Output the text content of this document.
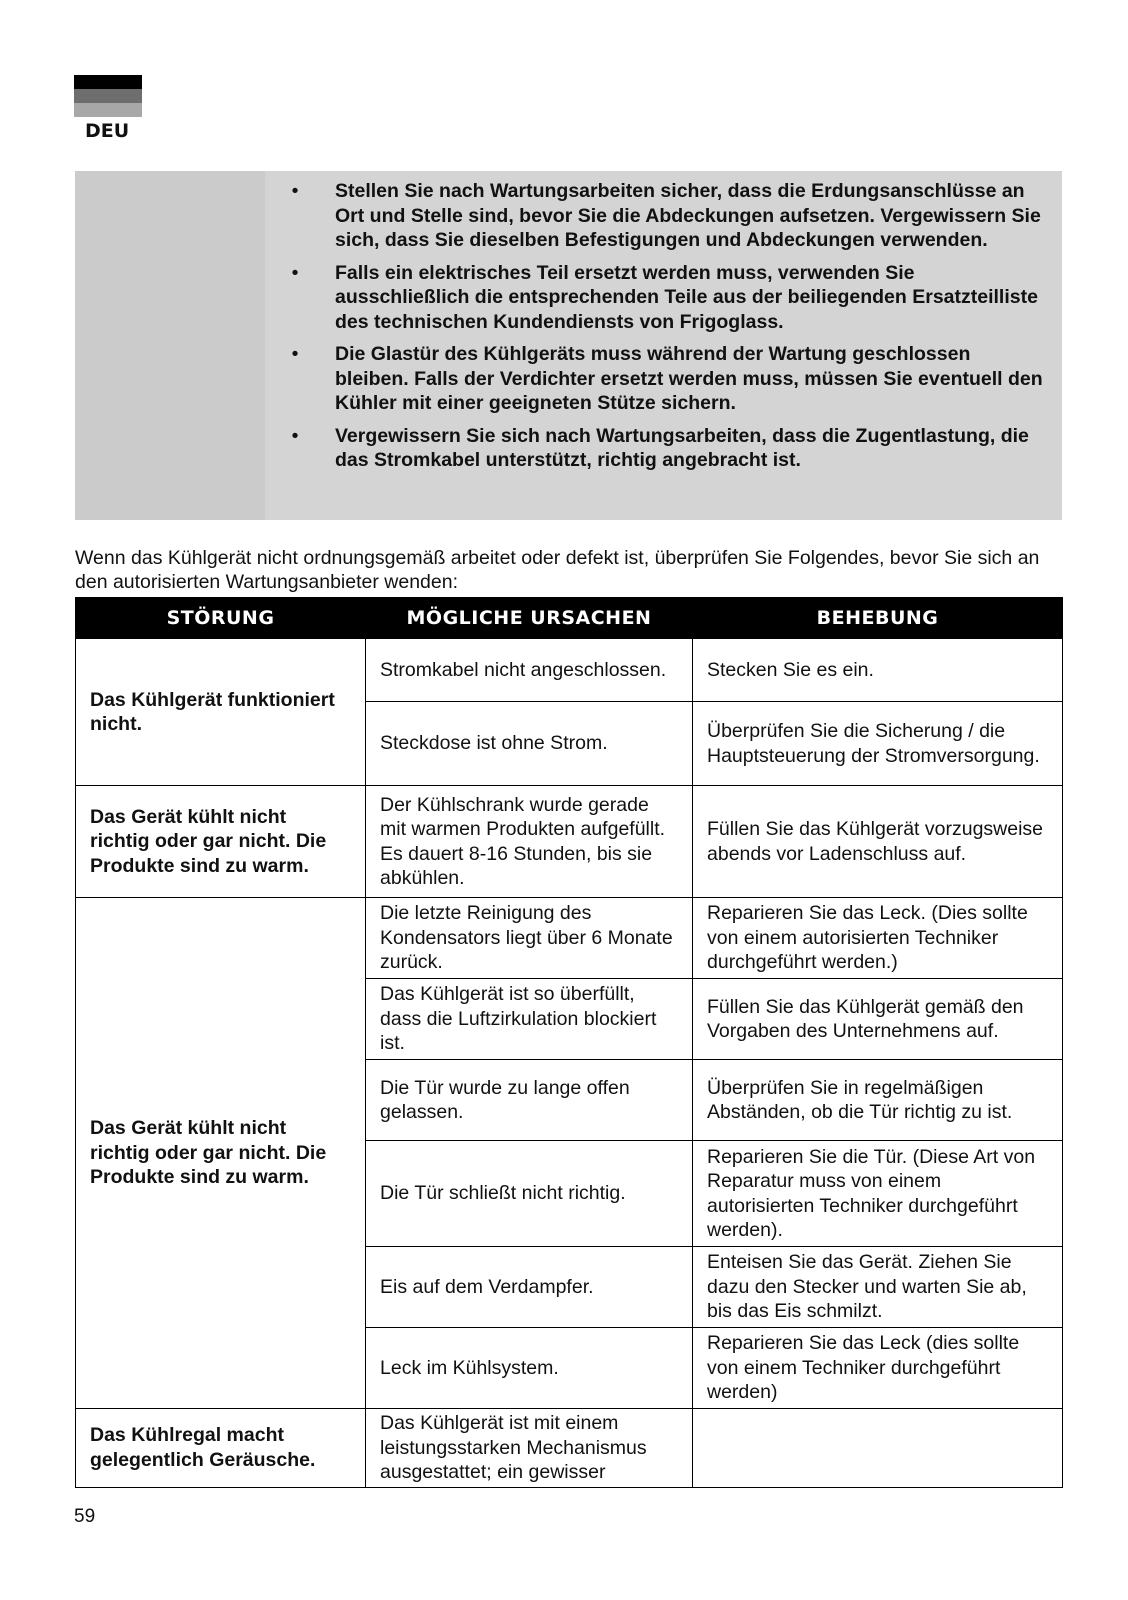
DEU
•	Stellen Sie nach Wartungsarbeiten sicher, dass die Erdungsanschlüsse an Ort und Stelle sind, bevor Sie die Abdeckungen aufsetzen. Vergewissern Sie sich, dass Sie dieselben Befestigungen und Abdeckungen verwenden.
•	Falls ein elektrisches Teil ersetzt werden muss, verwenden Sie ausschließlich die entsprechenden Teile aus der beiliegenden Ersatzteilliste des technischen Kundendiensts von Frigoglass.
•	Die Glastür des Kühlgeräts muss während der Wartung geschlossen bleiben. Falls der Verdichter ersetzt werden muss, müssen Sie eventuell den Kühler mit einer geeigneten Stütze sichern.
•	Vergewissern Sie sich nach Wartungsarbeiten, dass die Zugentlastung, die das Stromkabel unterstützt, richtig angebracht ist.
Wenn das Kühlgerät nicht ordnungsgemäß arbeitet oder defekt ist, überprüfen Sie Folgendes, bevor Sie sich an den autorisierten Wartungsanbieter wenden:
STÖRUNG	MÖGLICHE URSACHEN	BEHEBUNG
Das Kühlgerät funktioniert nicht.	Stromkabel nicht angeschlossen.	Stecken Sie es ein.
	Steckdose ist ohne Strom.	Überprüfen Sie die Sicherung / die Hauptsteuerung der Stromversorgung.
Das Gerät kühlt nicht richtig oder gar nicht. Die Produkte sind zu warm.	Der Kühlschrank wurde gerade mit warmen Produkten aufgefüllt. Es dauert 8-16 Stunden, bis sie abkühlen.	Füllen Sie das Kühlgerät vorzugsweise abends vor Ladenschluss auf.
Das Gerät kühlt nicht richtig oder gar nicht. Die Produkte sind zu warm.	Die letzte Reinigung des Kondensators liegt über 6 Monate zurück.	Reparieren Sie das Leck. (Dies sollte von einem autorisierten Techniker durchgeführt werden.)
	Das Kühlgerät ist so überfüllt, dass die Luftzirkulation blockiert ist.	Füllen Sie das Kühlgerät gemäß den Vorgaben des Unternehmens auf.
	Die Tür wurde zu lange offen gelassen.	Überprüfen Sie in regelmäßigen Abständen, ob die Tür richtig zu ist.
	Die Tür schließt nicht richtig.	Reparieren Sie die Tür. (Diese Art von Reparatur muss von einem autorisierten Techniker durchgeführt werden).
	Eis auf dem Verdampfer.	Enteisen Sie das Gerät. Ziehen Sie dazu den Stecker und warten Sie ab, bis das Eis schmilzt.
	Leck im Kühlsystem.	Reparieren Sie das Leck (dies sollte von einem Techniker durchgeführt werden)
Das Kühlregal macht gelegentlich Geräusche.	Das Kühlgerät ist mit einem leistungsstarken Mechanismus ausgestattet; ein gewisser	
59
